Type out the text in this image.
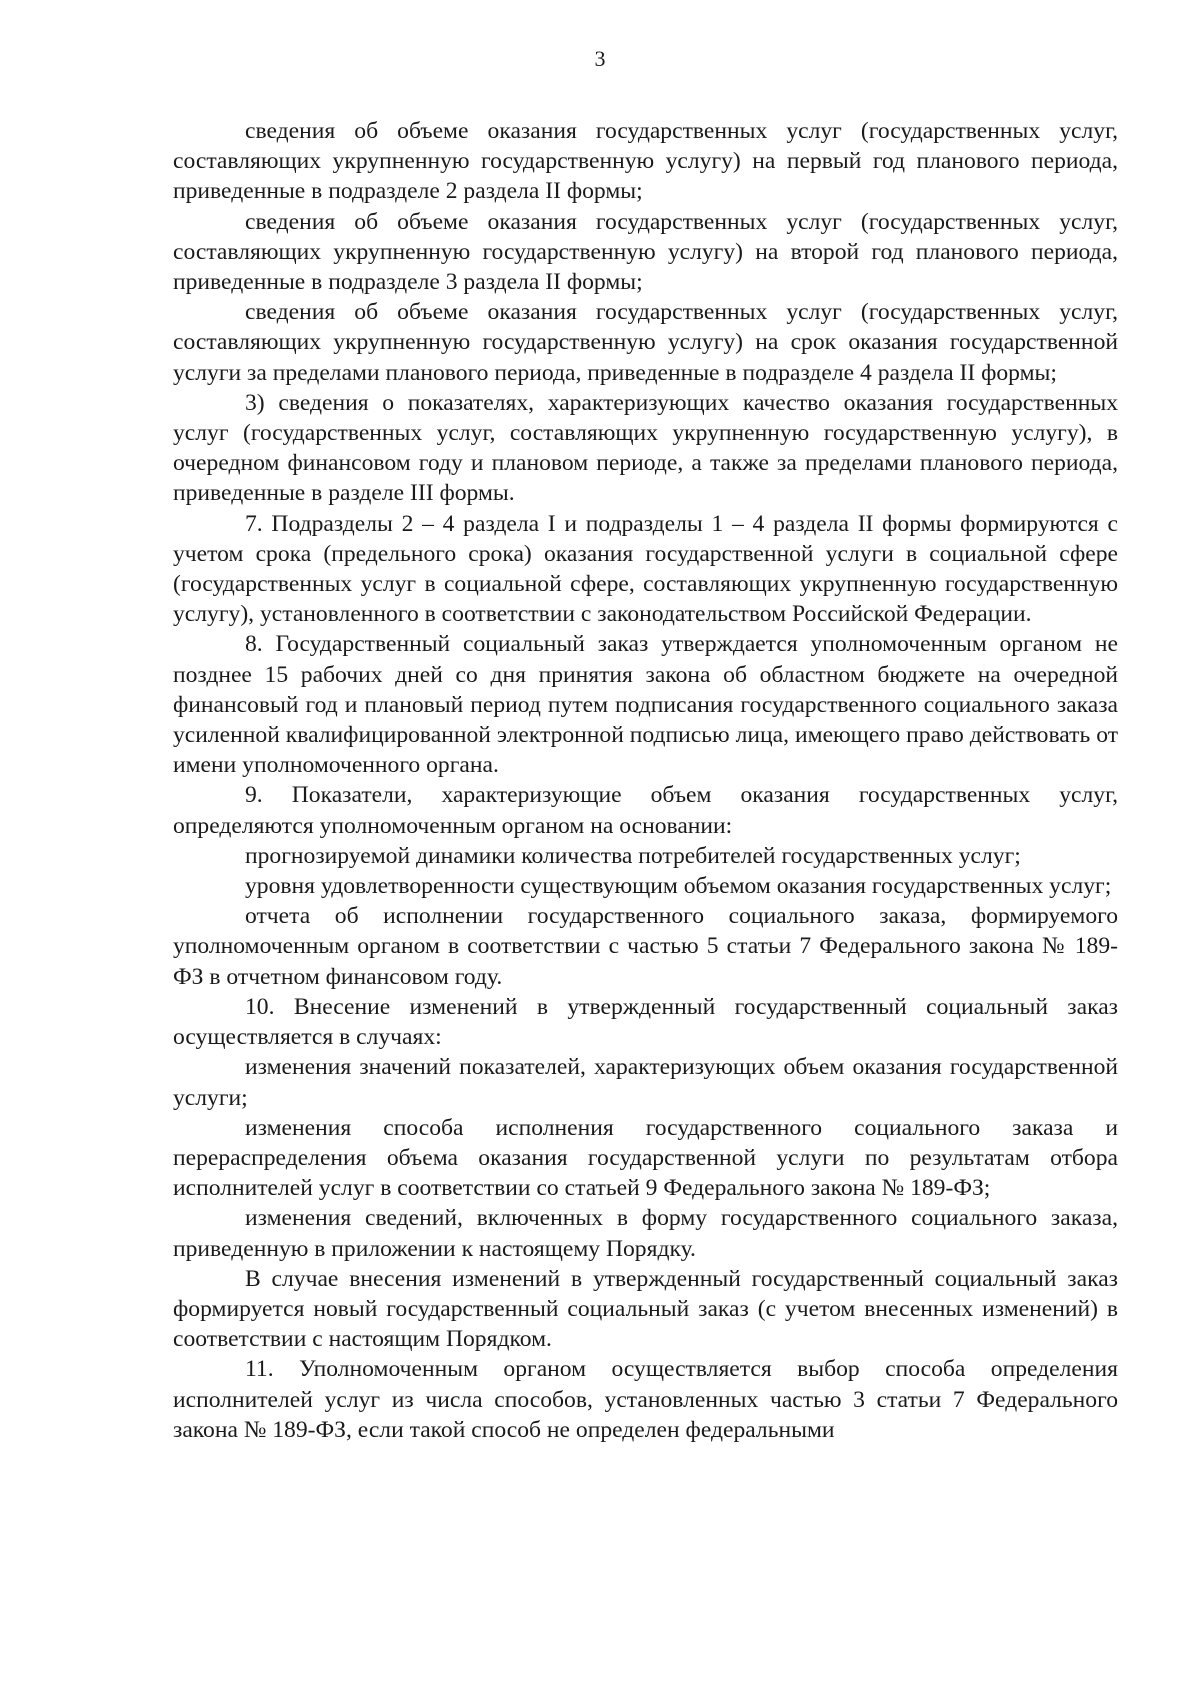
3

сведения об объеме оказания государственных услуг (государственных услуг, составляющих укрупненную государственную услугу) на первый год планового периода, приведенные в подразделе 2 раздела II формы;

сведения об объеме оказания государственных услуг (государственных услуг, составляющих укрупненную государственную услугу) на второй год планового периода, приведенные в подразделе 3 раздела II формы;

сведения об объеме оказания государственных услуг (государственных услуг, составляющих укрупненную государственную услугу) на срок оказания государственной услуги за пределами планового периода, приведенные в подразделе 4 раздела II формы;

3) сведения о показателях, характеризующих качество оказания государственных услуг (государственных услуг, составляющих укрупненную государственную услугу), в очередном финансовом году и плановом периоде, а также за пределами планового периода, приведенные в разделе III формы.

7. Подразделы 2 – 4 раздела I и подразделы 1 – 4 раздела II формы формируются с учетом срока (предельного срока) оказания государственной услуги в социальной сфере (государственных услуг в социальной сфере, составляющих укрупненную государственную услугу), установленного в соответствии с законодательством Российской Федерации.

8. Государственный социальный заказ утверждается уполномоченным органом не позднее 15 рабочих дней со дня принятия закона об областном бюджете на очередной финансовый год и плановый период путем подписания государственного социального заказа усиленной квалифицированной электронной подписью лица, имеющего право действовать от имени уполномоченного органа.

9. Показатели, характеризующие объем оказания государственных услуг, определяются уполномоченным органом на основании:

прогнозируемой динамики количества потребителей государственных услуг;

уровня удовлетворенности существующим объемом оказания государственных услуг;

отчета об исполнении государственного социального заказа, формируемого уполномоченным органом в соответствии с частью 5 статьи 7 Федерального закона № 189-ФЗ в отчетном финансовом году.

10. Внесение изменений в утвержденный государственный социальный заказ осуществляется в случаях:

изменения значений показателей, характеризующих объем оказания государственной услуги;

изменения способа исполнения государственного социального заказа и перераспределения объема оказания государственной услуги по результатам отбора исполнителей услуг в соответствии со статьей 9 Федерального закона № 189-ФЗ;

изменения сведений, включенных в форму государственного социального заказа, приведенную в приложении к настоящему Порядку.

В случае внесения изменений в утвержденный государственный социальный заказ формируется новый государственный социальный заказ (с учетом внесенных изменений) в соответствии с настоящим Порядком.

11. Уполномоченным органом осуществляется выбор способа определения исполнителей услуг из числа способов, установленных частью 3 статьи 7 Федерального закона № 189-ФЗ, если такой способ не определен федеральными
